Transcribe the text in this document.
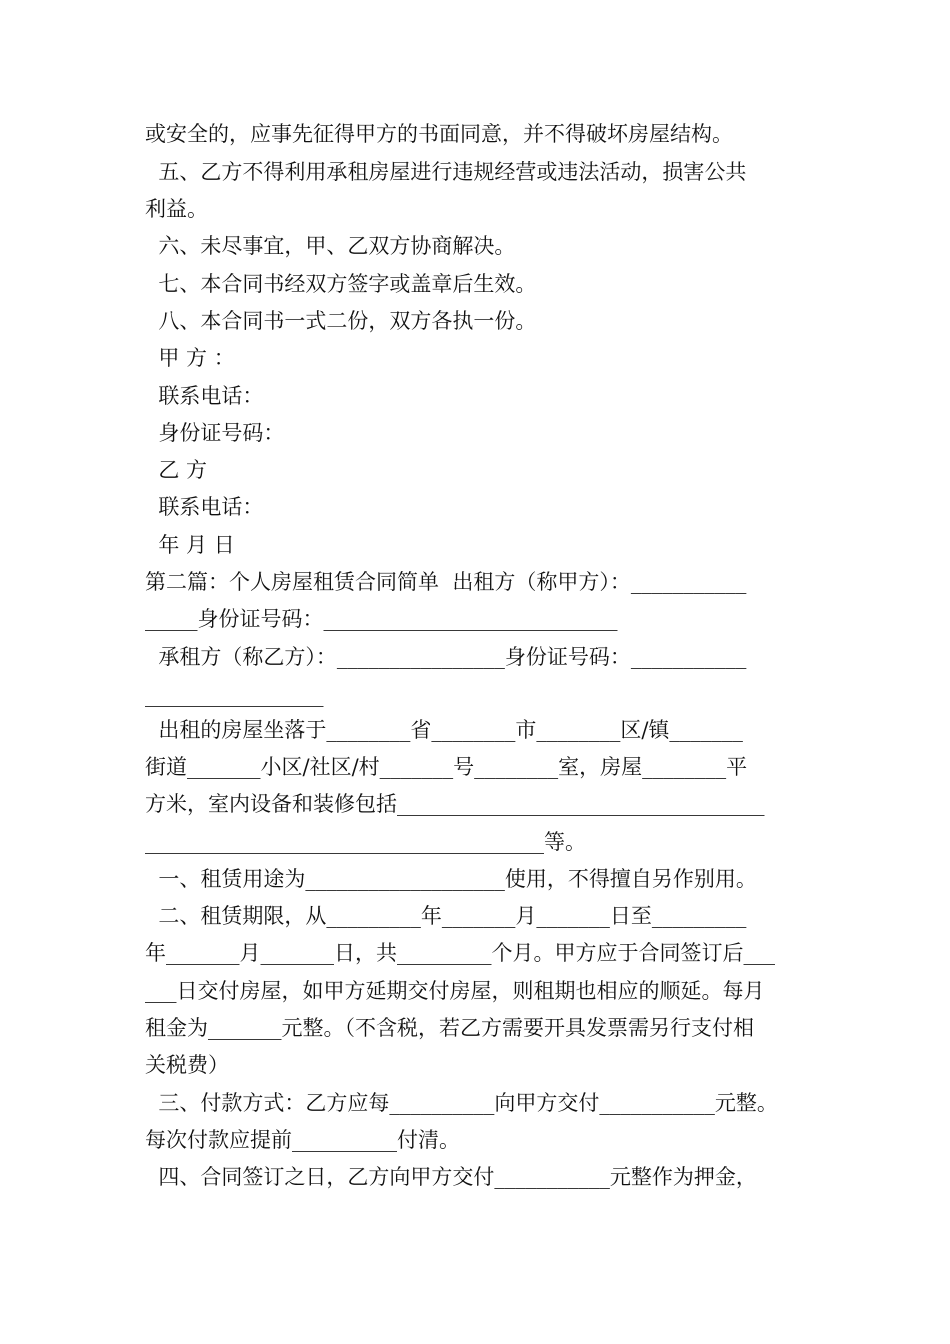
或安全的，应事先征得甲方的书面同意，并不得破坏房屋结构。
五、乙方不得利用承租房屋进行违规经营或违法活动，损害公共
利益。
六、未尽事宜，甲、乙双方协商解决。
七、本合同书经双方签字或盖章后生效。
八、本合同书一式二份，双方各执一份。
甲 方 ：
联系电话：
身份证号码：
乙 方
联系电话：
年 月 日
第二篇：个人房屋租赁合同简单  出租方（称甲方）：___________
_____身份证号码：____________________________
承租方（称乙方）：________________身份证号码：___________
_________________
出租的房屋坐落于________省________市________区/镇_______
街道_______小区/社区/村_______号________室，房屋________平
方米，室内设备和装修包括___________________________________
______________________________________等。
一、租赁用途为___________________使用，不得擅自另作别用。
二、租赁期限，从_________年_______月_______日至_________
年_______月_______日，共_________个月。甲方应于合同签订后___
___日交付房屋，如甲方延期交付房屋，则租期也相应的顺延。每月
租金为_______元整。（不含税，若乙方需要开具发票需另行支付相
关税费）
三、付款方式：乙方应每__________向甲方交付___________元整。
每次付款应提前__________付清。
四、合同签订之日，乙方向甲方交付___________元整作为押金，
